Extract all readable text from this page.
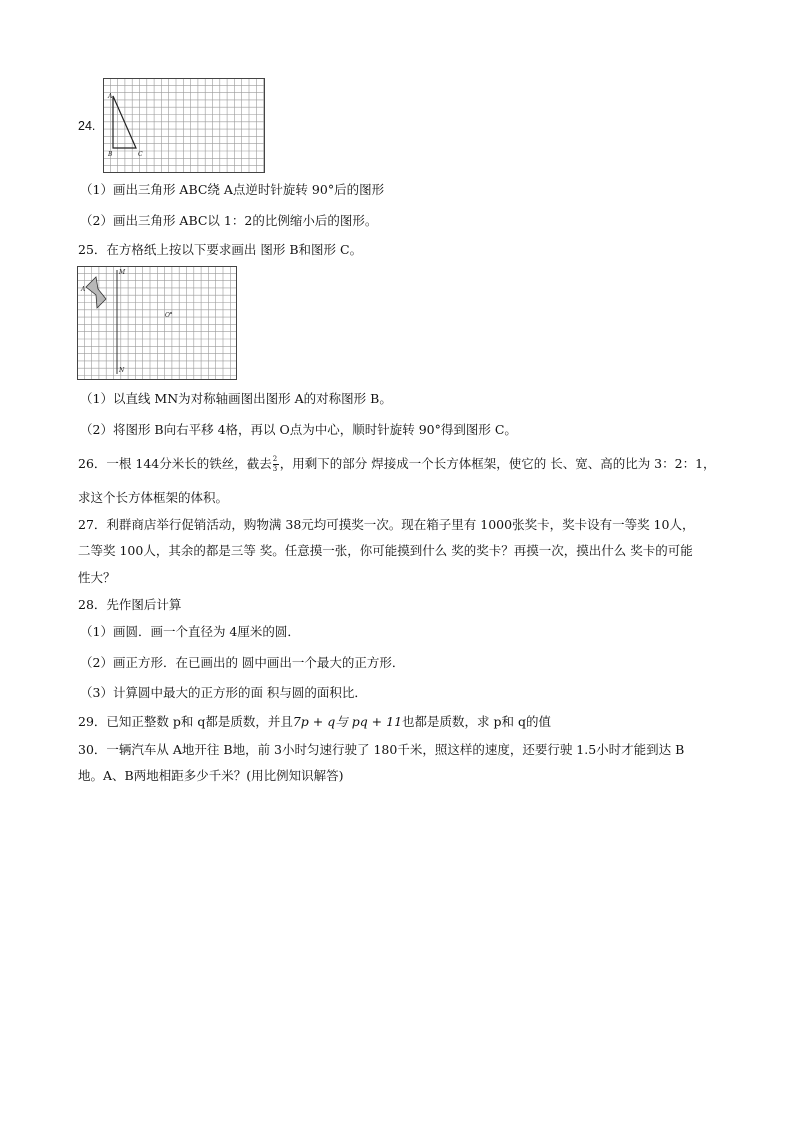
24.
A
B	C
（1）画出三角形 ABC绕 A点逆时针旋转 90°后的图形
（2）画出三角形 ABC以 1：2的比例缩小后的图形。
25．在方格纸上按以下要求画出 图形 B和图形 C。
M
N
A
O
（1）以直线 MN为对称轴画图出图形 A的对称图形 B。
（2）将图形 B向右平移 4格，再以 O点为中心，顺时针旋转 90°得到图形 C。
26．一根 144分米长的铁丝，截去 $\frac{2}{3}$ ，用剩下的部分 焊接成一个长方体框架，使它的 长、宽、高的比为 3：2：1，
求这个长方体框架的体积。
27．利群商店举行促销活动，购物满 38元均可摸奖一次。现在箱子里有 1000张奖卡，奖卡设有一等奖 10人，
二等奖 100人，其余的都是三等 奖。任意摸一张，你可能摸到什么 奖的奖卡？再摸一次，摸出什么 奖卡的可能
性大？
28．先作图后计算
（1）画圆．画一个直径为 4厘米的圆．
（2）画正方形．在已画出的 圆中画出一个最大的正方形．
（3）计算圆中最大的正方形的面 积与圆的面积比．
29．已知正整数 p和 q都是质数，并且7p + q与 pq + 11也都是质数，求 p和 q的值
30．一辆汽车从 A地开往 B地，前 3小时匀速行驶了 180千米，照这样的速度，还要行驶 1.5小时才能到达 B
地。A、B两地相距多少千米？(用比例知识解答)
